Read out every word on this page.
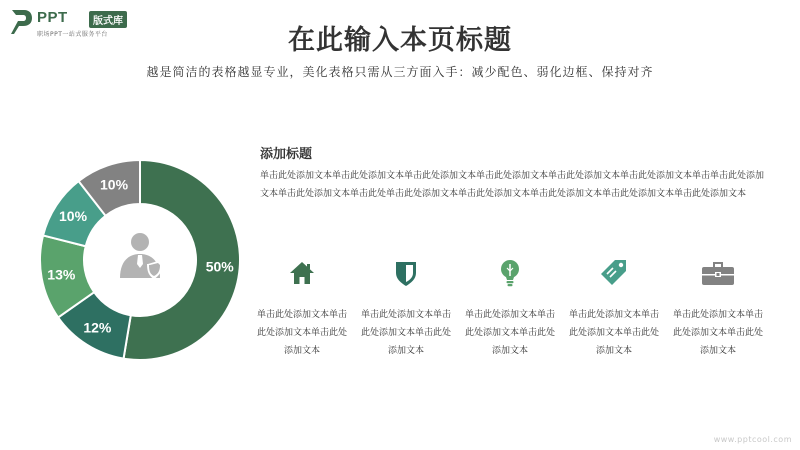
PPT	版式库
职场PPT一站式服务平台	在此输入本页标题
越是简洁的表格越显专业，美化表格只需从三方面入手：减少配色、弱化边框、保持对齐
50%
12%
13%
10%
10%
添加标题
单击此处添加文本单击此处添加文本单击此处添加文本单击此处添加文本单击此处添加文本单击此处添加文本单击单击此处添加文本单击此处添加文本单击此处单击此处添加文本单击此处添加文本单击此处添加文本单击此处添加文本单击此处添加文本
单击此处添加文本单击此处添加文本单击此处添加文本
单击此处添加文本单击此处添加文本单击此处添加文本
单击此处添加文本单击此处添加文本单击此处添加文本
单击此处添加文本单击此处添加文本单击此处添加文本
单击此处添加文本单击此处添加文本单击此处添加文本
www.pptcool.com
